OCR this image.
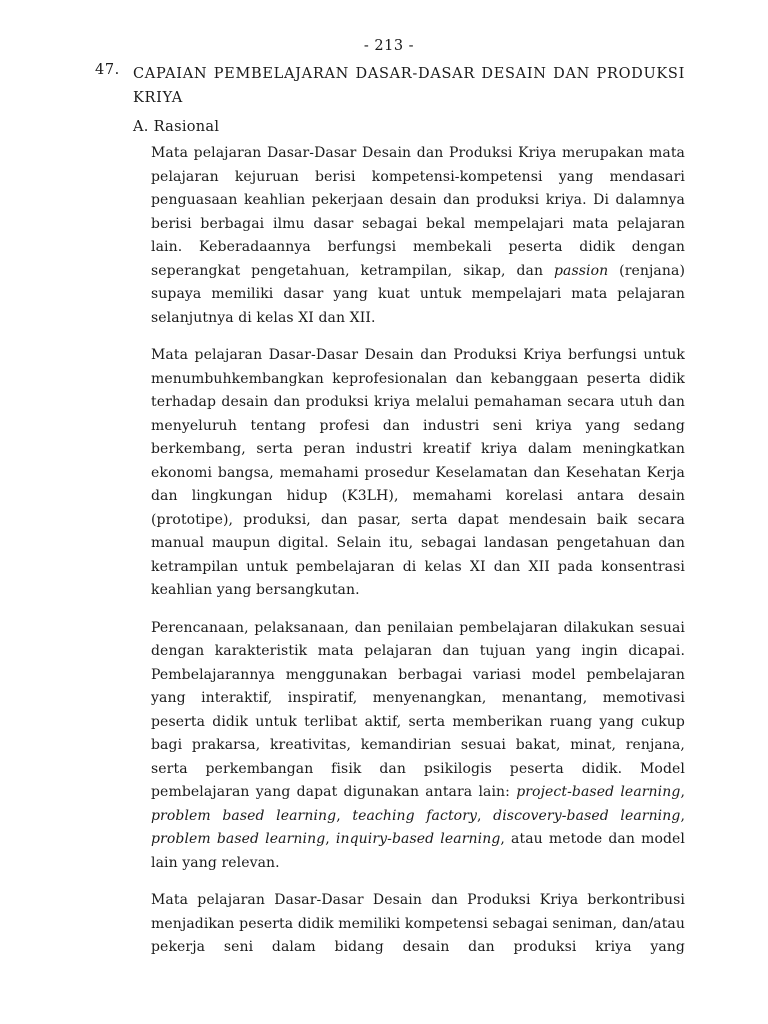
- 213 -
47. CAPAIAN PEMBELAJARAN DASAR-DASAR DESAIN DAN PRODUKSI KRIYA
A. Rasional

Mata pelajaran Dasar-Dasar Desain dan Produksi Kriya merupakan mata pelajaran kejuruan berisi kompetensi-kompetensi yang mendasari penguasaan keahlian pekerjaan desain dan produksi kriya. Di dalamnya berisi berbagai ilmu dasar sebagai bekal mempelajari mata pelajaran lain. Keberadaannya berfungsi membekali peserta didik dengan seperangkat pengetahuan, ketrampilan, sikap, dan passion (renjana) supaya memiliki dasar yang kuat untuk mempelajari mata pelajaran selanjutnya di kelas XI dan XII.

Mata pelajaran Dasar-Dasar Desain dan Produksi Kriya berfungsi untuk menumbuhkembangkan keprofesionalan dan kebanggaan peserta didik terhadap desain dan produksi kriya melalui pemahaman secara utuh dan menyeluruh tentang profesi dan industri seni kriya yang sedang berkembang, serta peran industri kreatif kriya dalam meningkatkan ekonomi bangsa, memahami prosedur Keselamatan dan Kesehatan Kerja dan lingkungan hidup (K3LH), memahami korelasi antara desain (prototipe), produksi, dan pasar, serta dapat mendesain baik secara manual maupun digital. Selain itu, sebagai landasan pengetahuan dan ketrampilan untuk pembelajaran di kelas XI dan XII pada konsentrasi keahlian yang bersangkutan.

Perencanaan, pelaksanaan, dan penilaian pembelajaran dilakukan sesuai dengan karakteristik mata pelajaran dan tujuan yang ingin dicapai. Pembelajarannya menggunakan berbagai variasi model pembelajaran yang interaktif, inspiratif, menyenangkan, menantang, memotivasi peserta didik untuk terlibat aktif, serta memberikan ruang yang cukup bagi prakarsa, kreativitas, kemandirian sesuai bakat, minat, renjana, serta perkembangan fisik dan psikilogis peserta didik. Model pembelajaran yang dapat digunakan antara lain: project-based learning, problem based learning, teaching factory, discovery-based learning, problem based learning, inquiry-based learning, atau metode dan model lain yang relevan.

Mata pelajaran Dasar-Dasar Desain dan Produksi Kriya berkontribusi menjadikan peserta didik memiliki kompetensi sebagai seniman, dan/atau pekerja seni dalam bidang desain dan produksi kriya yang
